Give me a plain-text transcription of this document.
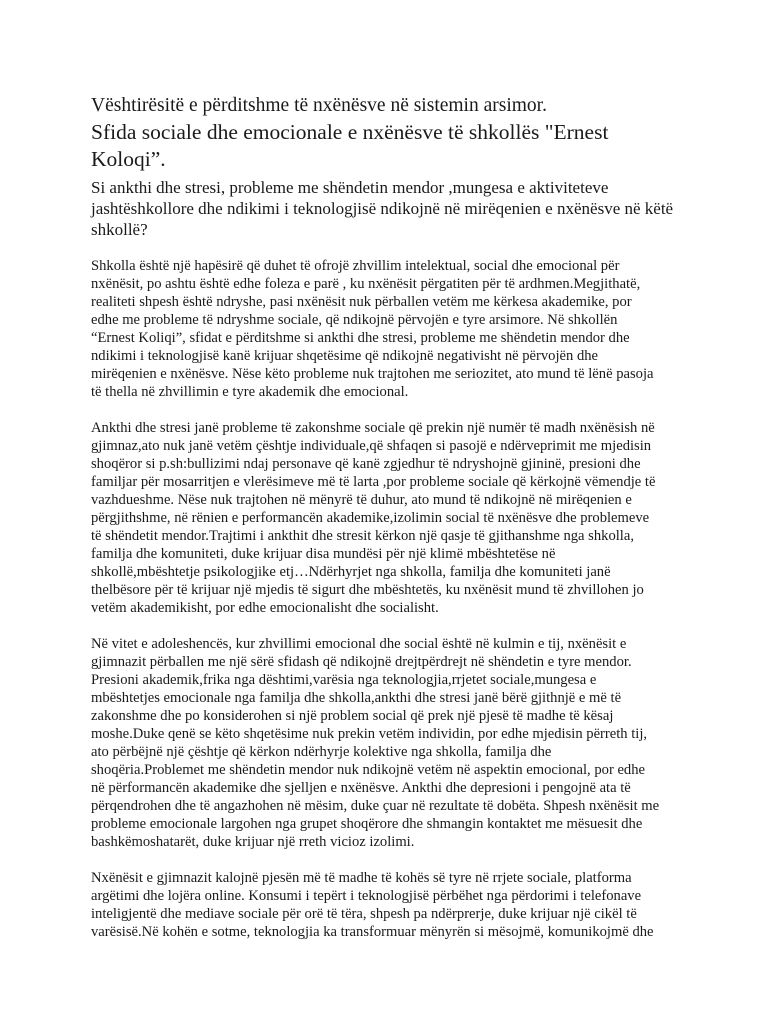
Vështirësitë e përditshme të nxënësve në sistemin arsimor.
Sfida sociale dhe emocionale e nxënësve të shkollës "Ernest Koloqi”.
Si ankthi dhe stresi, probleme me shëndetin mendor ,mungesa e aktiviteteve jashtëshkollore dhe ndikimi i teknologjisë ndikojnë në mirëqenien e nxënësve në këtë shkollë?

Shkolla është një hapësirë që duhet të ofrojë zhvillim intelektual, social dhe emocional për
nxënësit, po ashtu është edhe foleza e parë , ku nxënësit përgatiten për të ardhmen.Megjithatë,
realiteti shpesh është ndryshe, pasi nxënësit nuk përballen vetëm me kërkesa akademike, por
edhe me probleme të ndryshme sociale, që ndikojnë përvojën e tyre arsimore. Në shkollën
“Ernest Koliqi”, sfidat e përditshme si ankthi dhe stresi, probleme me shëndetin mendor dhe
ndikimi i teknologjisë kanë krijuar shqetësime që ndikojnë negativisht në përvojën dhe
mirëqenien e nxënësve. Nëse këto probleme nuk trajtohen me seriozitet, ato mund të lënë pasoja
të thella në zhvillimin e tyre akademik dhe emocional.

Ankthi dhe stresi janë probleme të zakonshme sociale që prekin një numër të madh nxënësish në
gjimnaz,ato nuk janë vetëm çështje individuale,që shfaqen si pasojë e ndërveprimit me mjedisin
shoqëror si p.sh:bullizimi ndaj personave që kanë zgjedhur të ndryshojnë gjininë, presioni dhe
familjar për mosarritjen e vlerësimeve më të larta ,por probleme sociale që kërkojnë vëmendje të
vazhdueshme. Nëse nuk trajtohen në mënyrë të duhur, ato mund të ndikojnë në mirëqenien e
përgjithshme, në rënien e performancën akademike,izolimin social të nxënësve dhe problemeve
të shëndetit mendor.Trajtimi i ankthit dhe stresit kërkon një qasje të gjithanshme nga shkolla,
familja dhe komuniteti, duke krijuar disa mundësi për një klimë mbështetëse në
shkollë,mbështetje psikologjike etj…Ndërhyrjet nga shkolla, familja dhe komuniteti janë
thelbësore për të krijuar një mjedis të sigurt dhe mbështetës, ku nxënësit mund të zhvillohen jo
vetëm akademikisht, por edhe emocionalisht dhe socialisht.

Në vitet e adoleshencës, kur zhvillimi emocional dhe social është në kulmin e tij, nxënësit e
gjimnazit përballen me një sërë sfidash që ndikojnë drejtpërdrejt në shëndetin e tyre mendor.
Presioni akademik,frika nga dështimi,varësia nga teknologjia,rrjetet sociale,mungesa e
mbështetjes emocionale nga familja dhe shkolla,ankthi dhe stresi janë bërë gjithnjë e më të
zakonshme dhe po konsiderohen si një problem social që prek një pjesë të madhe të kësaj
moshe.Duke qenë se këto shqetësime nuk prekin vetëm individin, por edhe mjedisin përreth tij,
ato përbëjnë një çështje që kërkon ndërhyrje kolektive nga shkolla, familja dhe
shoqëria.Problemet me shëndetin mendor nuk ndikojnë vetëm në aspektin emocional, por edhe
në përformancën akademike dhe sjelljen e nxënësve. Ankthi dhe depresioni i pengojnë ata të
përqendrohen dhe të angazhohen në mësim, duke çuar në rezultate të dobëta. Shpesh nxënësit me
probleme emocionale largohen nga grupet shoqërore dhe shmangin kontaktet me mësuesit dhe
bashkëmoshatarët, duke krijuar një rreth vicioz izolimi.

Nxënësit e gjimnazit kalojnë pjesën më të madhe të kohës së tyre në rrjete sociale, platforma
argëtimi dhe lojëra online. Konsumi i tepërt i teknologjisë përbëhet nga përdorimi i telefonave
inteligjentë dhe mediave sociale për orë të tëra, shpesh pa ndërprerje, duke krijuar një cikël të
varësisë.Në kohën e sotme, teknologjia ka transformuar mënyrën si mësojmë, komunikojmë dhe
